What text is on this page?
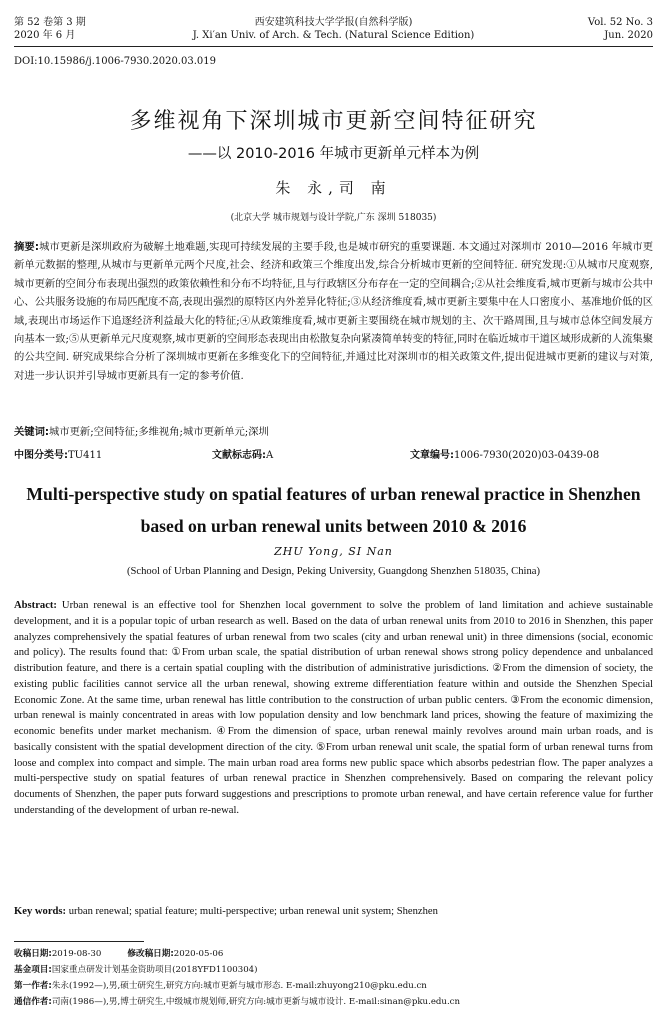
第 52 卷第 3 期
2020 年 6 月
西安建筑科技大学学报(自然科学版)
J. Xi′an Univ. of Arch. & Tech. (Natural Science Edition)
Vol. 52 No. 3
Jun. 2020
DOI:10.15986/j.1006-7930.2020.03.019
多维视角下深圳城市更新空间特征研究
——以 2010-2016 年城市更新单元样本为例
朱 永,司 南
(北京大学 城市规划与设计学院,广东 深圳 518035)
摘要:城市更新是深圳政府为破解土地难题,实现可持续发展的主要手段,也是城市研究的重要课题. 本文通过对深圳市 2010—2016 年城市更新单元数据的整理,从城市与更新单元两个尺度,社会、经济和政策三个维度出发,综合分析城市更新的空间特征. 研究发现:①从城市尺度观察,城市更新的空间分布表现出强烈的政策依赖性和分布不均特征,且与行政辖区分布存在一定的空间耦合;②从社会维度看,城市更新与城市公共中心、公共服务设施的布局匹配度不高,表现出强烈的原特区内外差异化特征;③从经济维度看,城市更新主要集中在人口密度小、基准地价低的区域,表现出市场运作下追逐经济利益最大化的特征;④从政策维度看,城市更新主要围绕在城市规划的主、次干路周围,且与城市总体空间发展方向基本一致;⑤从更新单元尺度观察,城市更新的空间形态表现出由松散复杂向紧凑简单转变的特征,同时在临近城市干道区域形成新的人流集聚的公共空间. 研究成果综合分析了深圳城市更新在多维变化下的空间特征,并通过比对深圳市的相关政策文件,提出促进城市更新的建议与对策,对进一步认识并引导城市更新具有一定的参考价值.
关键词:城市更新;空间特征;多维视角;城市更新单元;深圳
中图分类号:TU411	文献标志码:A	文章编号:1006-7930(2020)03-0439-08
Multi-perspective study on spatial features of urban renewal practice in Shenzhen based on urban renewal units between 2010 & 2016
ZHU Yong, SI Nan
(School of Urban Planning and Design, Peking University, Guangdong Shenzhen 518035, China)
Abstract: Urban renewal is an effective tool for Shenzhen local government to solve the problem of land limitation and achieve sustainable development, and it is a popular topic of urban research as well. Based on the data of urban renewal units from 2010 to 2016 in Shenzhen, this paper analyzes comprehensively the spatial features of urban renewal from two scales (city and urban renewal unit) in three dimensions (social, economic and policy). The results found that: ①From urban scale, the spatial distribution of urban renewal shows strong policy dependence and unbalanced distribution feature, and there is a certain spatial coupling with the distribution of administrative jurisdictions. ②From the dimension of society, the existing public facilities cannot service all the urban renewal, showing extreme differentiation feature within and outside the Shenzhen Special Economic Zone. At the same time, urban renewal has little contribution to the construction of urban public centers. ③From the economic dimension, urban renewal is mainly concentrated in areas with low population density and low benchmark land prices, showing the feature of maximizing the economic benefits under market mechanism. ④From the dimension of space, urban renewal mainly revolves around main urban roads, and is basically consistent with the spatial development direction of the city. ⑤From urban renewal unit scale, the spatial form of urban renewal turns from loose and complex into compact and simple. The main urban road area forms new public space which absorbs pedestrian flow. The paper analyzes a multi-perspective study on spatial features of urban renewal practice in Shenzhen comprehensively. Based on comparing the relevant policy documents of Shenzhen, the paper puts forward suggestions and prescriptions to promote urban renewal, and have certain reference value for further understanding of the development of urban re-newal.
Key words: urban renewal; spatial feature; multi-perspective; urban renewal unit system; Shenzhen
收稿日期:2019-08-30	修改稿日期:2020-05-06
基金项目:国家重点研发计划基金资助项目(2018YFD1100304)
第一作者:朱永(1992—),男,硕士研究生,研究方向:城市更新与城市形态. E-mail:zhuyong210@pku.edu.cn
通信作者:司南(1986—),男,博士研究生,中级城市规划师,研究方向:城市更新与城市设计. E-mail:sinan@pku.edu.cn
